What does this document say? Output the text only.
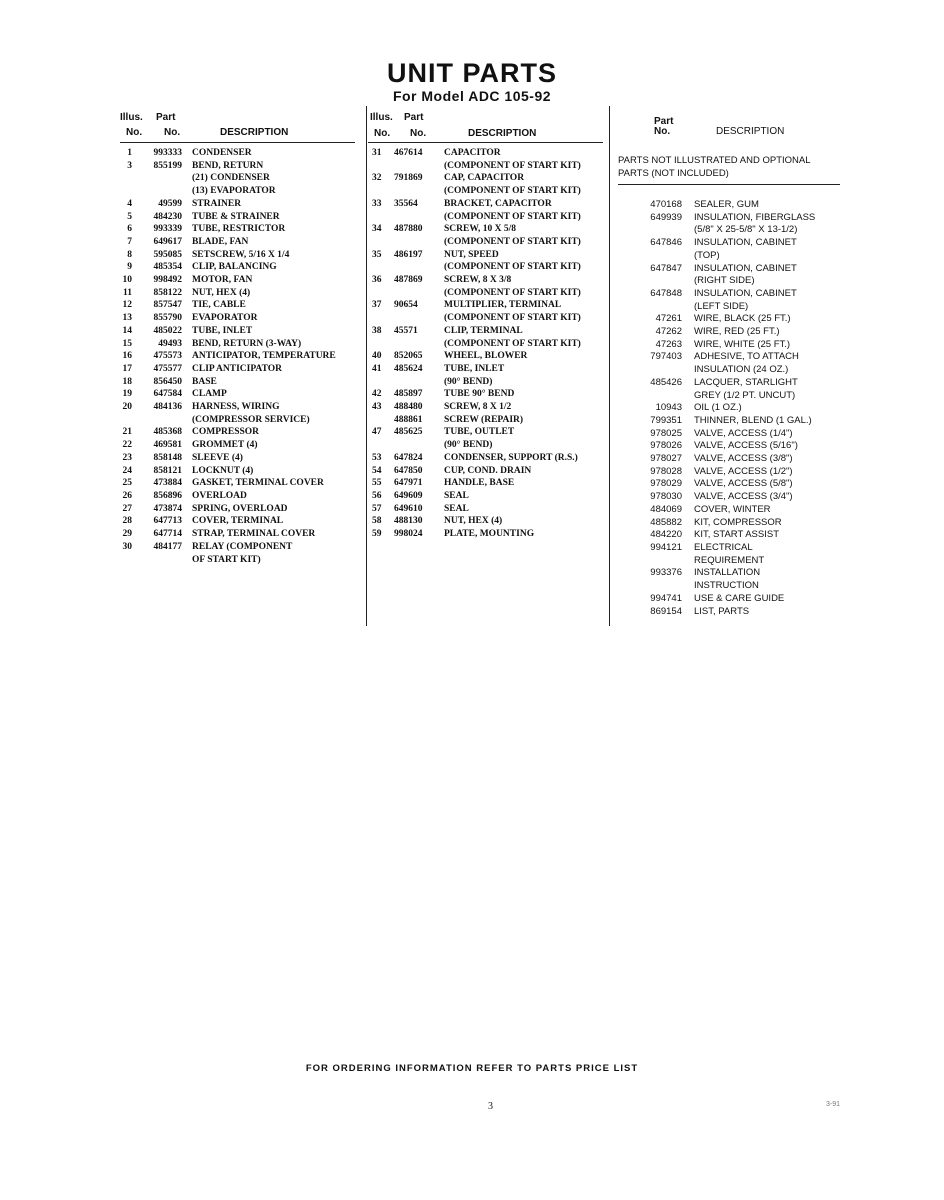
UNIT PARTS
For Model ADC 105-92
Illus. Part
No. No.	DESCRIPTION
1	993333	CONDENSER
3	855199	BEND, RETURN
(21) CONDENSER
(13) EVAPORATOR
4	49599	STRAINER
5	484230	TUBE & STRAINER
6	993339	TUBE, RESTRICTOR
7	649617	BLADE, FAN
8	595085	SETSCREW, 5/16 X 1/4
9	485354	CLIP, BALANCING
10	998492	MOTOR, FAN
11	858122	NUT, HEX (4)
12	857547	TIE, CABLE
13	855790	EVAPORATOR
14	485022	TUBE, INLET
15	49493	BEND, RETURN (3-WAY)
16	475573	ANTICIPATOR, TEMPERATURE
17	475577	CLIP ANTICIPATOR
18	856450	BASE
19	647584	CLAMP
20	484136	HARNESS, WIRING
(COMPRESSOR SERVICE)
21	485368	COMPRESSOR
22	469581	GROMMET (4)
23	858148	SLEEVE (4)
24	858121	LOCKNUT (4)
25	473884	GASKET, TERMINAL COVER
26	856896	OVERLOAD
27	473874	SPRING, OVERLOAD
28	647713	COVER, TERMINAL
29	647714	STRAP, TERMINAL COVER
30	484177	RELAY (COMPONENT
OF START KIT)
Illus. Part
No. No.	DESCRIPTION
31	467614	CAPACITOR
(COMPONENT OF START KIT)
32	791869	CAP, CAPACITOR
(COMPONENT OF START KIT)
33	35564	BRACKET, CAPACITOR
(COMPONENT OF START KIT)
34	487880	SCREW, 10 X 5/8
(COMPONENT OF START KIT)
35	486197	NUT, SPEED
(COMPONENT OF START KIT)
36	487869	SCREW, 8 X 3/8
(COMPONENT OF START KIT)
37	90654	MULTIPLIER, TERMINAL
(COMPONENT OF START KIT)
38	45571	CLIP, TERMINAL
(COMPONENT OF START KIT)
40	852065	WHEEL, BLOWER
41	485624	TUBE, INLET
(90° BEND)
42	485897	TUBE 90° BEND
43	488480	SCREW, 8 X 1/2
488861	SCREW (REPAIR)
47	485625	TUBE, OUTLET
(90° BEND)
53	647824	CONDENSER, SUPPORT (R.S.)
54	647850	CUP, COND. DRAIN
55	647971	HANDLE, BASE
56	649609	SEAL
57	649610	SEAL
58	488130	NUT, HEX (4)
59	998024	PLATE, MOUNTING
Part
No.	DESCRIPTION
PARTS NOT ILLUSTRATED AND OPTIONAL PARTS (NOT INCLUDED)
470168	SEALER, GUM
649939	INSULATION, FIBERGLASS
(5/8" X 25-5/8" X 13-1/2)
647846	INSULATION, CABINET
(TOP)
647847	INSULATION, CABINET
(RIGHT SIDE)
647848	INSULATION, CABINET
(LEFT SIDE)
47261	WIRE, BLACK (25 FT.)
47262	WIRE, RED (25 FT.)
47263	WIRE, WHITE (25 FT.)
797403	ADHESIVE, TO ATTACH
INSULATION (24 OZ.)
485426	LACQUER, STARLIGHT
GREY (1/2 PT. UNCUT)
10943	OIL (1 OZ.)
799351	THINNER, BLEND (1 GAL.)
978025	VALVE, ACCESS (1/4")
978026	VALVE, ACCESS (5/16")
978027	VALVE, ACCESS (3/8")
978028	VALVE, ACCESS (1/2")
978029	VALVE, ACCESS (5/8")
978030	VALVE, ACCESS (3/4")
484069	COVER, WINTER
485882	KIT, COMPRESSOR
484220	KIT, START ASSIST
994121	ELECTRICAL
REQUIREMENT
993376	INSTALLATION
INSTRUCTION
994741	USE & CARE GUIDE
869154	LIST, PARTS
FOR ORDERING INFORMATION REFER TO PARTS PRICE LIST
3	3-91
